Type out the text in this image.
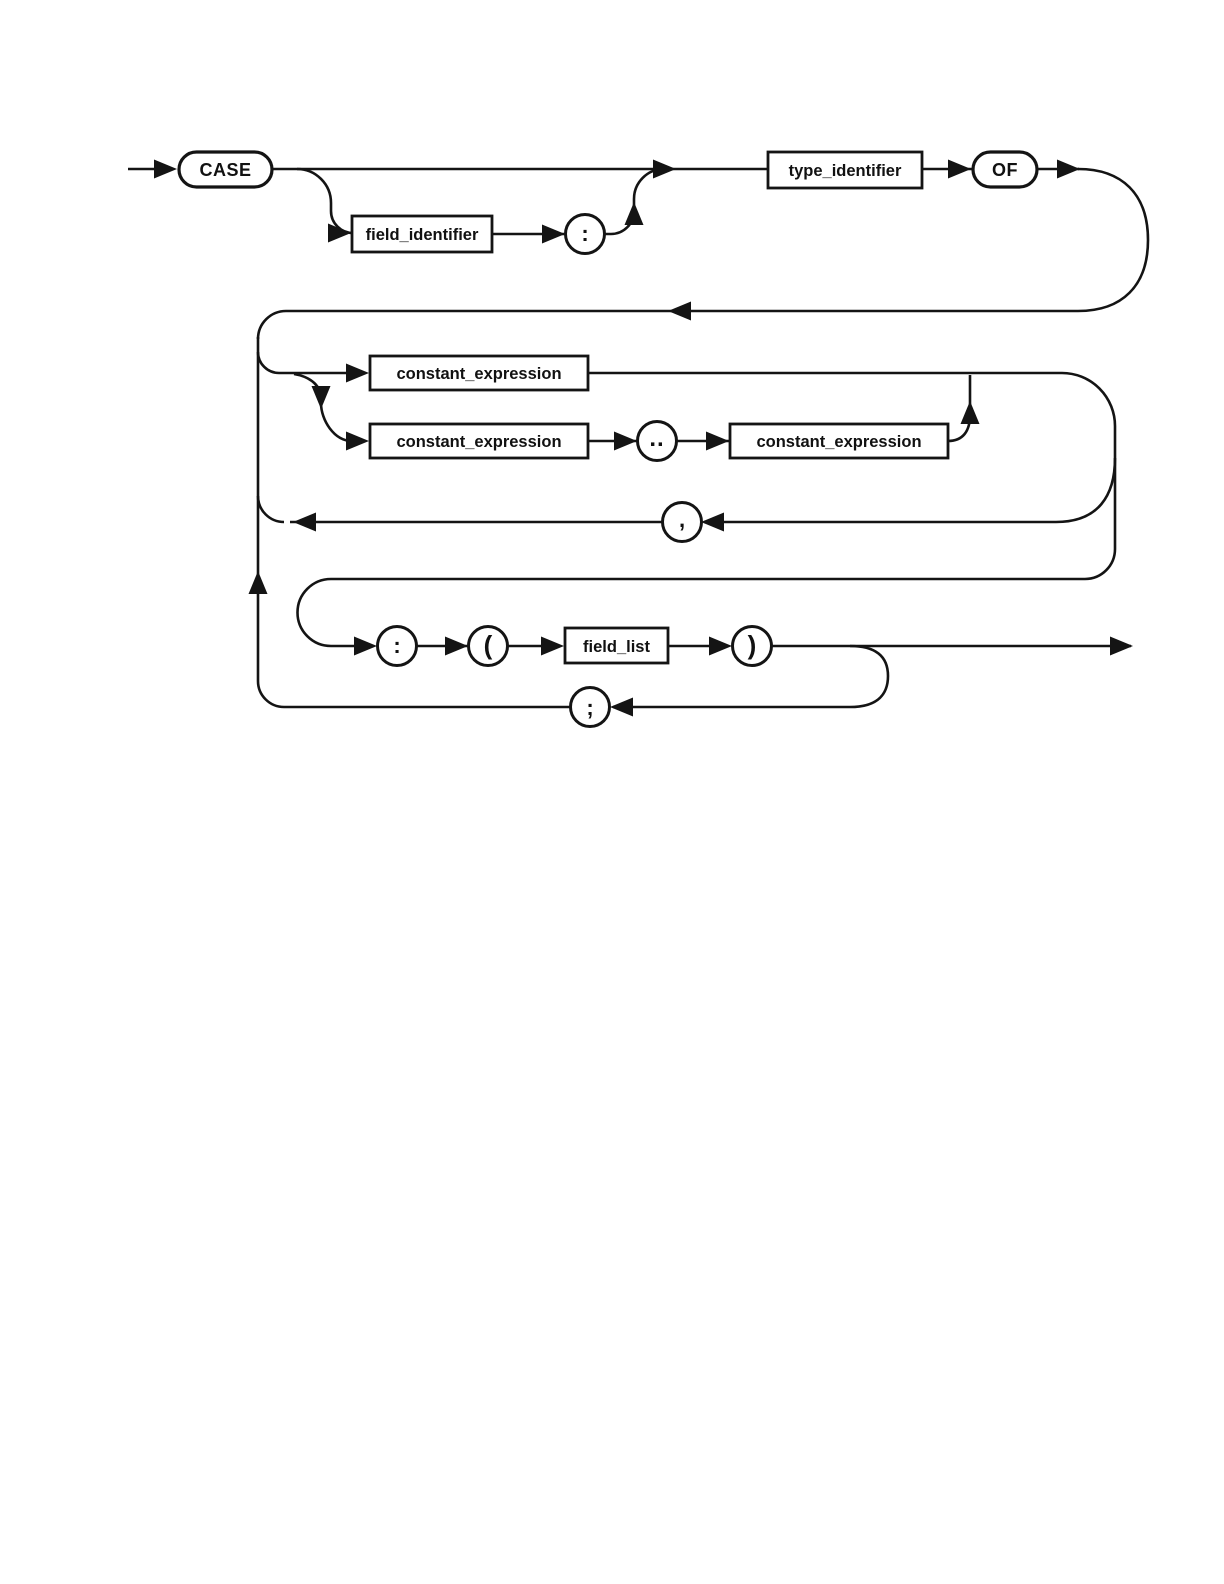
CASE
field_identifier	:
type_identifier	OF
constant_expression
constant_expression	..	constant_expression
,
:	(	field_list	)
;
